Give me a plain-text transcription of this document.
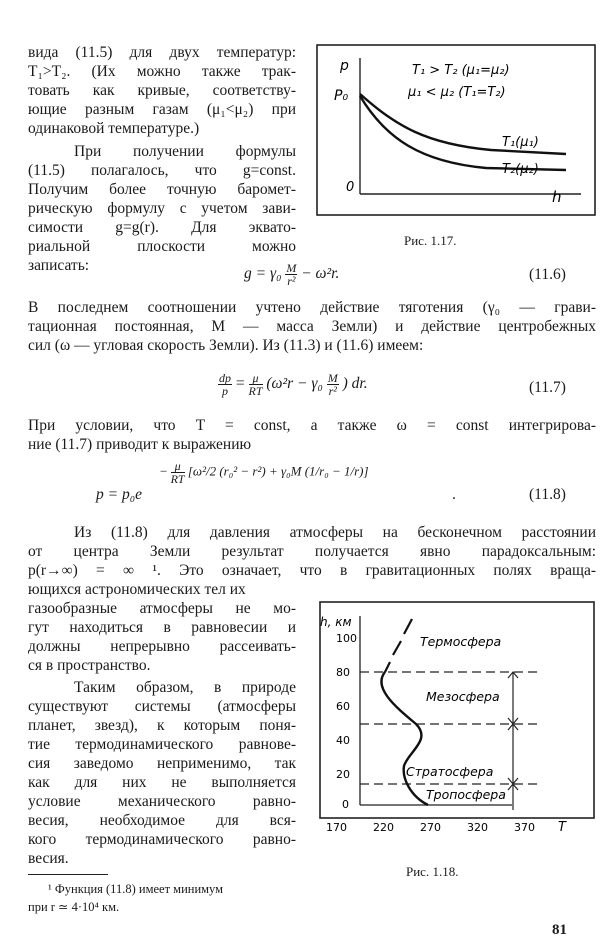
вида (11.5) для двух температур:
T₁>T₂. (Их можно также трак-
товать как кривые, соответству-
ющие разным газам (μ₁<μ₂) при
одинаковой температуре.)
При получении формулы
(11.5) полагалось, что g=const.
Получим более точную баромет-
рическую формулу с учетом зави-
симости g=g(r). Для эквато-
риальной плоскости можно
записать:
p
P₀
0
h
T₁ > T₂ (μ₁=μ₂)
μ₁ < μ₂ (T₁=T₂)
T₁(μ₁)
T₂(μ₂)
Рис. 1.17.
$g = \gamma_0 \frac{M}{\text{r²}} - \omega^2r$.	(11.6)
В последнем соотношении учтено действие тяготения (γ₀ — грави-
тационная постоянная, M — масса Земли) и действие центробежных
сил (ω — угловая скорость Земли). Из (11.3) и (11.6) имеем:
$\frac{dp}{p} = \frac{\mu}{RT} (\omega^2r - \gamma_0 \frac{M}{\text{r²}}$ ) dr.	(11.7)
При условии, что T = const, а также ω = const интегрирова-
ние (11.7) приводит к выражению
− $\frac{\mu}{RT} [\omega^2/2$ (r₀² − r²) + γ₀M (1/r₀ − 1/r)]
p = p₀e	.	(11.8)
Из (11.8) для давления атмосферы на бесконечном расстоянии
от центра Земли результат получается явно парадоксальным:
p(r→∞) = ∞ ¹. Это означает, что в гравитационных полях враща-
ющихся астрономических тел их
газообразные атмосферы не мо-
гут находиться в равновесии и
должны непрерывно рассеивать-
ся в пространство.
Таким образом, в природе
существуют системы (атмосферы
планет, звезд), к которым поня-
тие термодинамического равнове-
сия заведомо неприменимо, так
как для них не выполняется
условие механического равно-
весия, необходимое для вся-
кого термодинамического равно-
весия.
¹ Функция (11.8) имеет минимум
при r ≃ 4·10⁴ км.
h, км
100
80
60
40
20
0
170 220 270 320 370 T
Термосфера
Мезосфера
Стратосфера
Тропосфера
Рис. 1.18.
81
